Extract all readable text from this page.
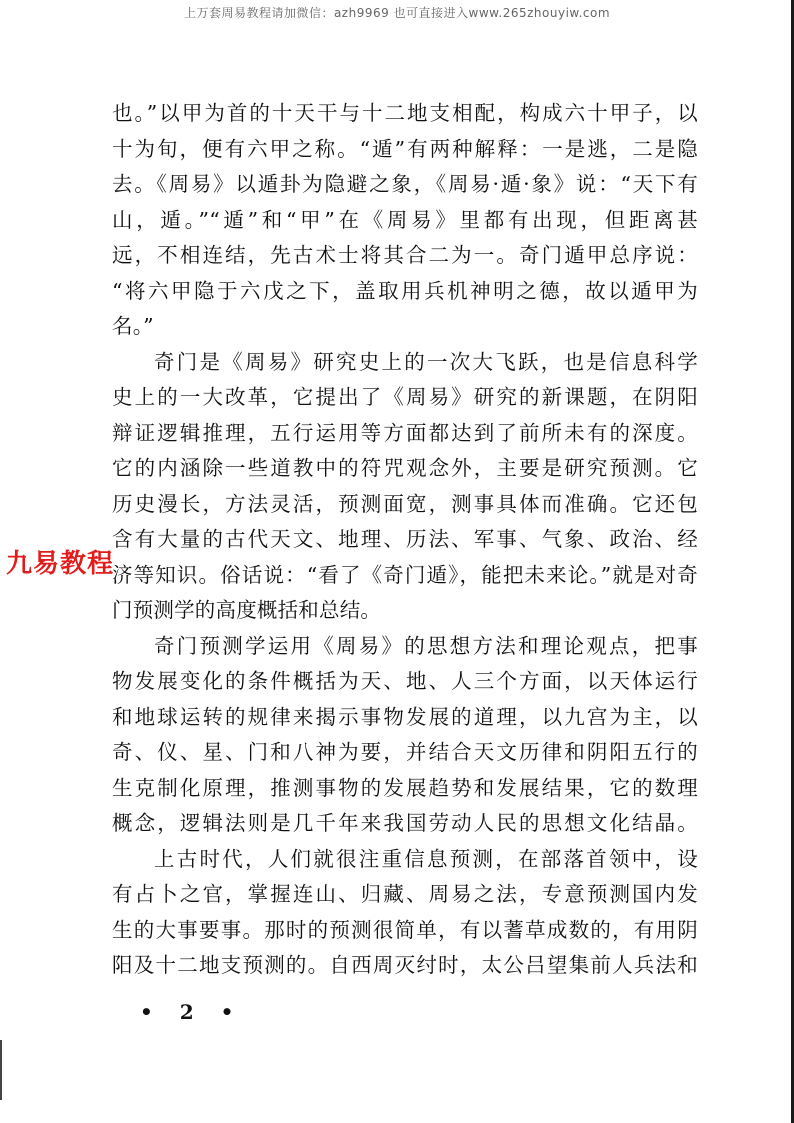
上万套周易教程请加微信：azh9969 也可直接进入www.265zhouyiw.com
九易教程
也。”以甲为首的十天干与十二地支相配，构成六十甲子，以
十为旬，便有六甲之称。“遁”有两种解释：一是逃，二是隐
去。《周易》以遁卦为隐避之象，《周易·遁·象》说：“天下有
山，遁。”“遁”和“甲”在《周易》里都有出现，但距离甚
远，不相连结，先古术士将其合二为一。奇门遁甲总序说：
“将六甲隐于六戊之下，盖取用兵机神明之德，故以遁甲为
名。”
奇门是《周易》研究史上的一次大飞跃，也是信息科学
史上的一大改革，它提出了《周易》研究的新课题，在阴阳
辩证逻辑推理，五行运用等方面都达到了前所未有的深度。
它的内涵除一些道教中的符咒观念外，主要是研究预测。它
历史漫长，方法灵活，预测面宽，测事具体而准确。它还包
含有大量的古代天文、地理、历法、军事、气象、政治、经
济等知识。俗话说：“看了《奇门遁》，能把未来论。”就是对奇
门预测学的高度概括和总结。
奇门预测学运用《周易》的思想方法和理论观点，把事
物发展变化的条件概括为天、地、人三个方面，以天体运行
和地球运转的规律来揭示事物发展的道理，以九宫为主，以
奇、仪、星、门和八神为要，并结合天文历律和阴阳五行的
生克制化原理，推测事物的发展趋势和发展结果，它的数理
概念，逻辑法则是几千年来我国劳动人民的思想文化结晶。
上古时代，人们就很注重信息预测，在部落首领中，设
有占卜之官，掌握连山、归藏、周易之法，专意预测国内发
生的大事要事。那时的预测很简单，有以蓍草成数的，有用阴
阳及十二地支预测的。自西周灭纣时，太公吕望集前人兵法和
• 2 •
